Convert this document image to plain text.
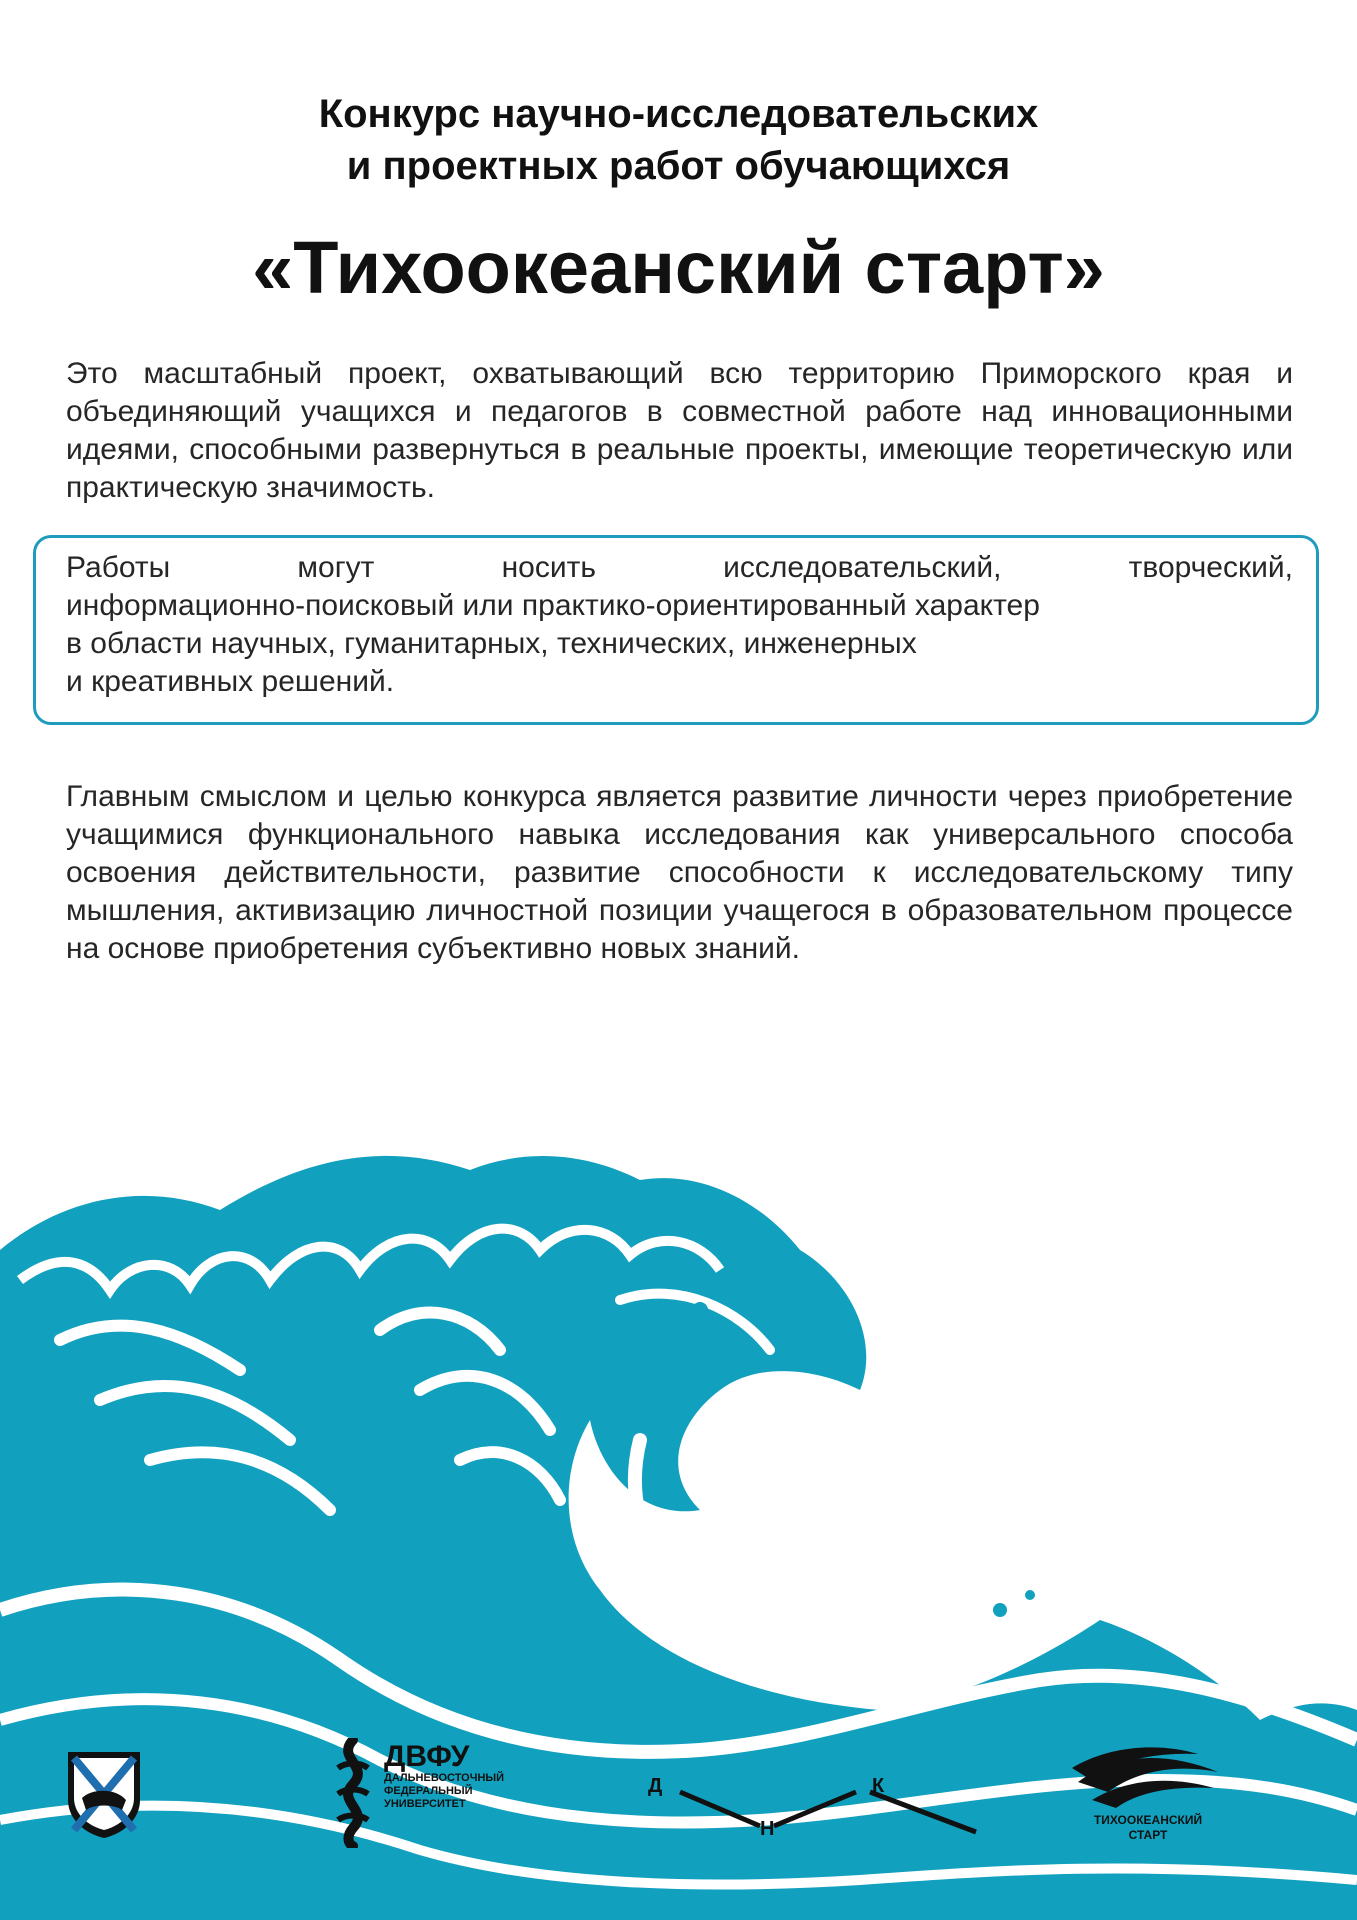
Конкурс научно-исследовательских
и проектных работ обучающихся
«Тихоокеанский старт»
Это масштабный проект, охватывающий всю территорию Приморского края и объединяющий учащихся и педагогов в совместной работе над инновационными идеями, способными развернуться в реальные проекты, имеющие теоретическую или практическую значимость.
Работы	могут	носить	исследовательский,	творческий,
информационно-поисковый или практико-ориентированный характер
в области научных, гуманитарных, технических, инженерных
и креативных решений.
Главным смыслом и целью конкурса является развитие личности через приобретение учащимися функционального навыка исследования как универсального способа освоения действительности, развитие способности к исследовательскому типу мышления, активизацию личностной позиции учащегося в образовательном процессе на основе приобретения субъективно новых знаний.
ДВФУ
ДАЛЬНЕВОСТОЧНЫЙ
ФЕДЕРАЛЬНЫЙ
УНИВЕРСИТЕТ
Д
Н
К
ТИХООКЕАНСКИЙ
СТАРТ
